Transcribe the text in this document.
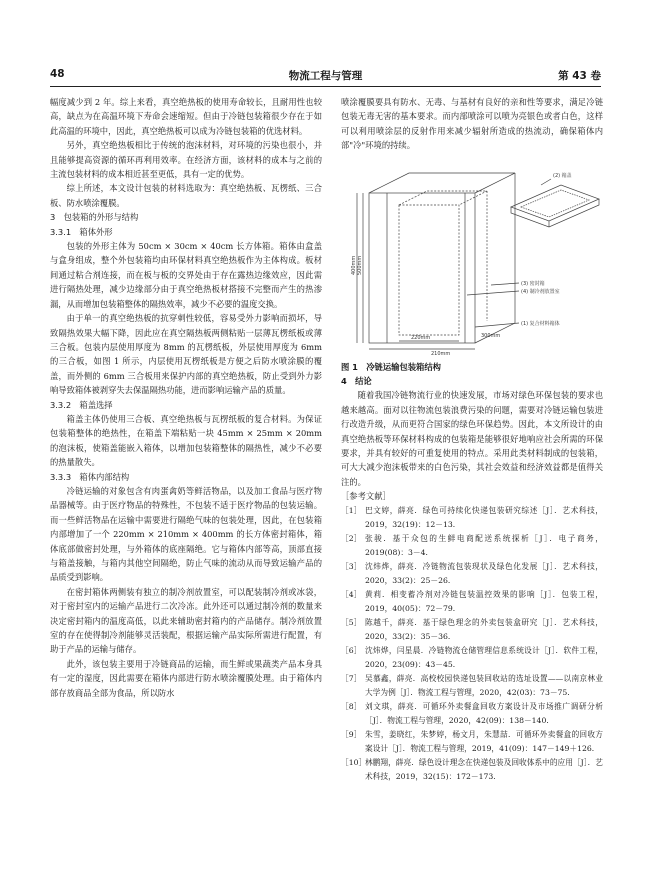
48	物流工程与管理	第 43 卷

幅度减少到 2 年。综上来看，真空绝热板的使用寿命较长，且耐用性也较高，缺点为在高温环境下寿命会速缩短。但由于冷链包装箱很少存在于如此高温的环境中，因此，真空绝热板可以成为冷链包装箱的优选材料。

另外，真空绝热板相比于传统的泡沫材料，对环境的污染也很小，并且能够提高资源的循环再利用效率。在经济方面，该材料的成本与之前的主流包装材料的成本相近甚至更低，具有一定的优势。

综上所述，本文设计包装的材料选取为：真空绝热板、瓦楞纸、三合板、防水喷涂覆膜。

3　包装箱的外形与结构

3.3.1　箱体外形

包装的外形主体为 50cm × 30cm × 40cm 长方体箱。箱体由盒盖与盒身组成，整个外包装箱均由环保材料真空绝热板作为主体构成。板材间通过粘合剂连接，而在板与板的交界处由于存在露热边缘效应，因此需进行隔热处理，减少边缘部分由于真空绝热板材搭接不完整而产生的热渗漏，从而增加包装箱整体的隔热效率，减少不必要的温度交换。

由于单一的真空绝热板的抗穿刺性较低，容易受外力影响而损坏，导致隔热效果大幅下降，因此应在真空隔热板两侧粘贴一层薄瓦楞纸板或薄三合板。包装内层使用厚度为 8mm 的瓦楞纸板，外层使用厚度为 6mm 的三合板，如图 1 所示，内层使用瓦楞纸板是方便之后防水喷涂膜的覆盖，而外侧的 6mm 三合板用来保护内部的真空绝热板，防止受到外力影响导致箱体被剥穿失去保温隔热功能，进而影响运输产品的质量。

3.3.2　箱盖选择

箱盖主体仍使用三合板、真空绝热板与瓦楞纸板的复合材料。为保证包装箱整体的绝热性，在箱盖下端粘贴一块 45mm × 25mm × 20mm 的泡沫板，使箱盖能嵌入箱体，以增加包装箱整体的隔热性，减少不必要的热量散失。

3.3.3　箱体内部结构

冷链运输的对象包含有肉蛋禽奶等鲜活物品，以及加工食品与医疗物品器械等。由于医疗物品的特殊性，不包装不适于医疗物品的包装运输。而一些鲜活物品在运输中需要进行隔绝气味的包装处理，因此，在包装箱内部增加了一个 220mm × 210mm × 400mm 的长方体密封箱体，箱体底部做密封处理，与外箱体的底座隔绝。它与箱体内部等高，顶部直接与箱盖接触，与箱内其他空间隔绝，防止气味的流动从而导致运输产品的品质受到影响。

在密封箱体两侧装有独立的制冷剂放置室，可以配装制冷剂或冰袋，对于密封室内的运输产品进行二次冷冻。此外还可以通过制冷剂的数量来决定密封箱内的温度高低，以此来辅助密封箱内的产品储存。制冷剂放置室的存在使得制冷剂能够灵活装配，根据运输产品实际所需进行配置，有助于产品的运输与储存。

此外，该包装主要用于冷链商品的运输，而生鲜或果蔬类产品本身具有一定的湿度，因此需要在箱体内部进行防水喷涂覆膜处理。由于箱体内部存放商品全部为食品，所以防水

喷涂覆膜要具有防水、无毒、与基材有良好的亲和性等要求，满足冷链包装无毒无害的基本要求。而内部喷涂可以喷为亮银色或者白色，这样可以利用喷涂层的反射作用来减少辐射所造成的热流动，确保箱体内部"冷"环境的持续。

(2) 箱盖
(3) 密封箱
(4) 制冷剂放置室
(1) 复合材料箱体
400mm 500mm
220mm
210mm
300mm

图 1　冷链运输包装箱结构

4　结论

随着我国冷链物流行业的快速发展，市场对绿色环保包装的要求也越来越高。面对以往物流包装浪费污染的问题，需要对冷链运输包装进行改造升级，从而更符合国家的绿色环保趋势。因此，本文所设计的由真空绝热板等环保材料构成的包装箱是能够很好地响应社会所需的环保要求，并具有较好的可重复使用的特点。采用此类材料制成的包装箱，可大大减少泡沫板带来的白色污染，其社会效益和经济效益都是值得关注的。

［参考文献］

［1］ 巴文婷，薛亮．绿色可持续化快递包装研究综述［J］．艺术科技，2019，32(19)：12－13．

［2］ 张骏．基于众包的生鲜电商配送系统探析［J］．电子商务，2019(08)：3－4．

［3］ 沈炜烨，薛亮．冷链物流包装现状及绿色化发展［J］．艺术科技，2020，33(2)：25－26．

［4］ 黄莉．相变蓄冷剂对冷链包装温控效果的影响［J］．包装工程，2019，40(05)：72－79．

［5］ 陈越千，薛亮．基于绿色理念的外卖包装盒研究［J］．艺术科技，2020，33(2)：35－36．

［6］ 沈炜烨，闫星晨．冷链物流仓储管理信息系统设计［J］．软件工程，2020，23(09)：43－45．

［7］ 吴慕鑫，薛亮．高校校园快递包装回收站的选址设置——以南京林业大学为例［J］．物流工程与管理，2020，42(03)：73－75．

［8］ 刘文琪，薛亮．可循环外卖餐盒回收方案设计及市场推广调研分析［J］．物流工程与管理，2020，42(09)：138－140．

［9］ 朱雪，姜晓红，朱梦婷，杨文月，朱慧喆．可循环外卖餐盒的回收方案设计［J］．物流工程与管理，2019，41(09)：147－149＋126．

［10］
林鹏翔，薛亮．绿色设计理念在快递包装及回收体系中的应用［J］．艺术科技，2019，32(15)：172－173．
